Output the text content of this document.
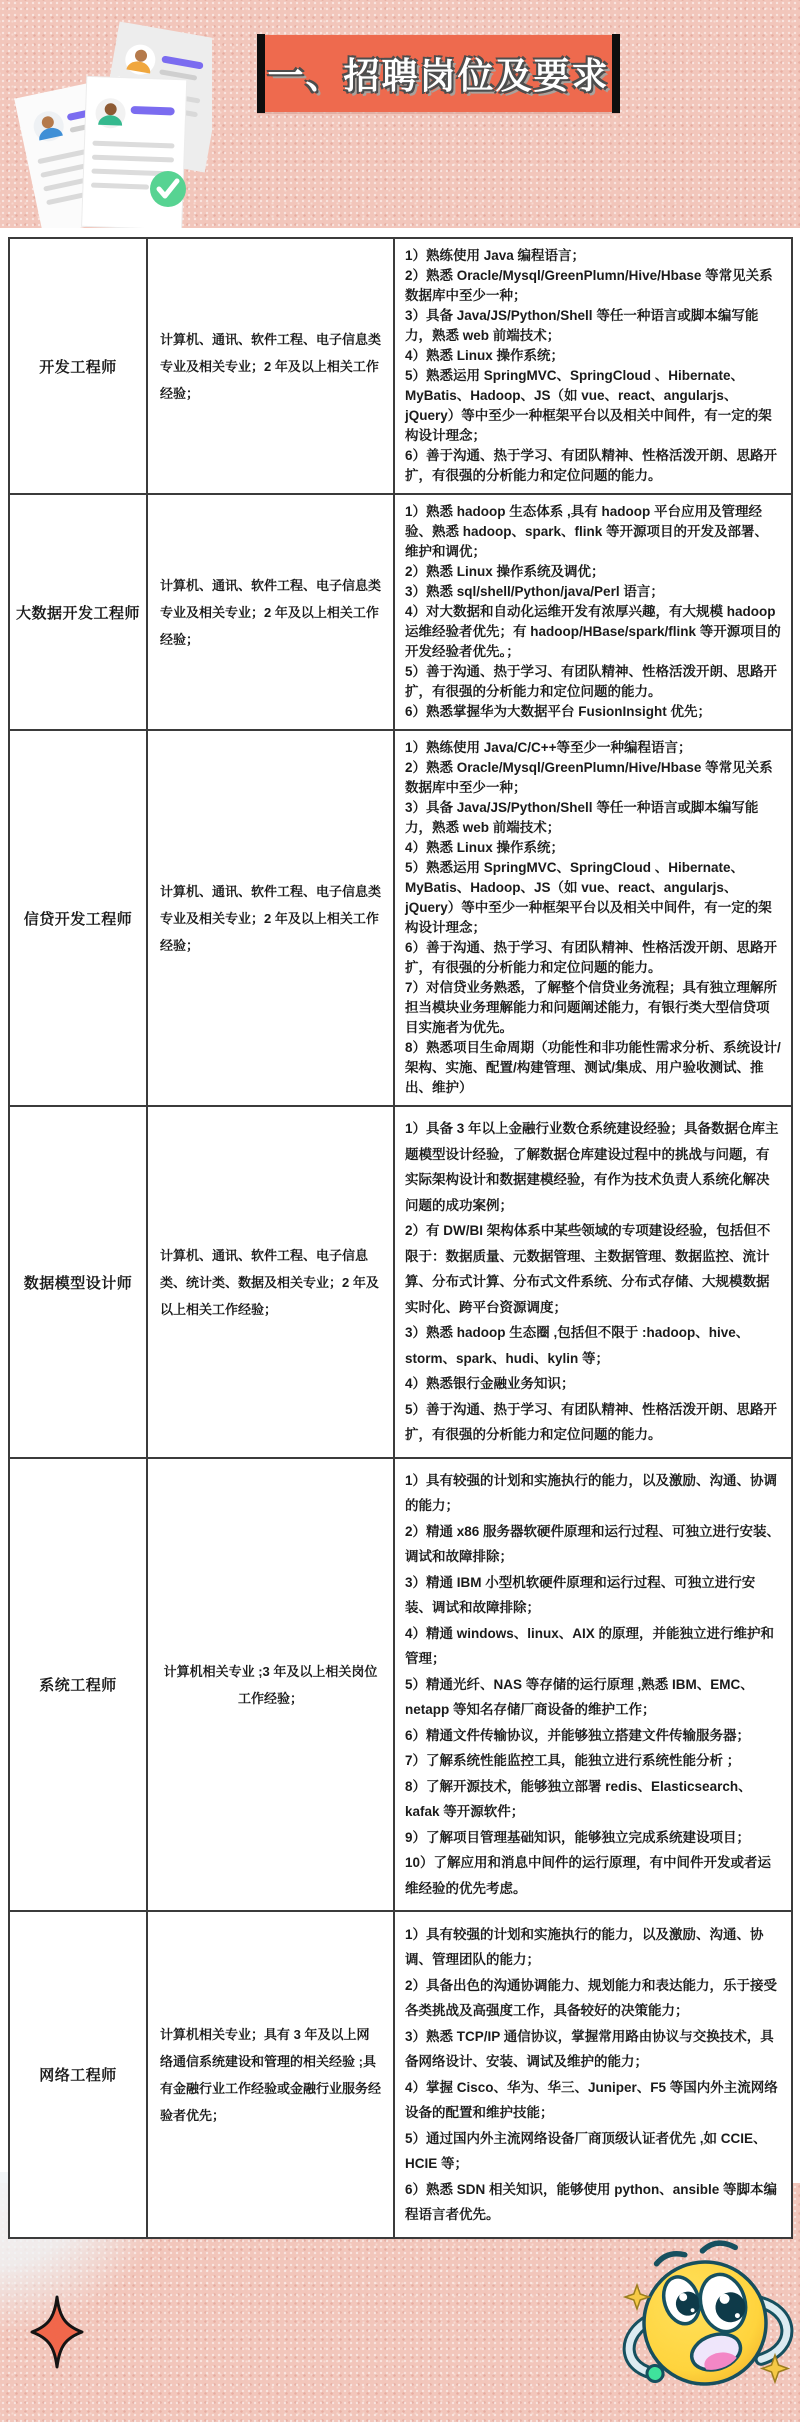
一、招聘岗位及要求
开发工程师	计算机、通讯、软件工程、电子信息类专业及相关专业；2 年及以上相关工作经验；	
1）熟练使用 Java 编程语言；
2）熟悉 Oracle/Mysql/GreenPlumn/Hive/Hbase 等常见关系数据库中至少一种；
3）具备 Java/JS/Python/Shell 等任一种语言或脚本编写能力，熟悉 web 前端技术；
4）熟悉 Linux 操作系统；
5）熟悉运用 SpringMVC、SpringCloud 、Hibernate、MyBatis、Hadoop、JS（如 vue、react、angularjs、jQuery）等中至少一种框架平台以及相关中间件，有一定的架构设计理念；
6）善于沟通、热于学习、有团队精神、性格活泼开朗、思路开扩，有很强的分析能力和定位问题的能力。

大数据开发工程师	计算机、通讯、软件工程、电子信息类专业及相关专业；2 年及以上相关工作经验；	
1）熟悉 hadoop 生态体系 ,具有 hadoop 平台应用及管理经验、熟悉 hadoop、spark、flink 等开源项目的开发及部署、维护和调优；
2）熟悉 Linux 操作系统及调优；
3）熟悉 sql/shell/Python/java/Perl 语言；
4）对大数据和自动化运维开发有浓厚兴趣，有大规模 hadoop 运维经验者优先；有 hadoop/HBase/spark/flink 等开源项目的开发经验者优先。；
5）善于沟通、热于学习、有团队精神、性格活泼开朗、思路开扩，有很强的分析能力和定位问题的能力。
6）熟悉掌握华为大数据平台 FusionInsight 优先；

信贷开发工程师	计算机、通讯、软件工程、电子信息类专业及相关专业；2 年及以上相关工作经验；	
1）熟练使用 Java/C/C++等至少一种编程语言；
2）熟悉 Oracle/Mysql/GreenPlumn/Hive/Hbase 等常见关系数据库中至少一种；
3）具备 Java/JS/Python/Shell 等任一种语言或脚本编写能力，熟悉 web 前端技术；
4）熟悉 Linux 操作系统；
5）熟悉运用 SpringMVC、SpringCloud 、Hibernate、MyBatis、Hadoop、JS（如 vue、react、angularjs、jQuery）等中至少一种框架平台以及相关中间件，有一定的架构设计理念；
6）善于沟通、热于学习、有团队精神、性格活泼开朗、思路开扩，有很强的分析能力和定位问题的能力。
7）对信贷业务熟悉，了解整个信贷业务流程；具有独立理解所担当模块业务理解能力和问题阐述能力，有银行类大型信贷项目实施者为优先。
8）熟悉项目生命周期（功能性和非功能性需求分析、系统设计/架构、实施、配置/构建管理、测试/集成、用户验收测试、推出、维护）

数据模型设计师	计算机、通讯、软件工程、电子信息类、统计类、数据及相关专业；2 年及以上相关工作经验；	1）具备 3 年以上金融行业数仓系统建设经验；具备数据仓库主题模型设计经验，了解数据仓库建设过程中的挑战与问题，有实际架构设计和数据建模经验，有作为技术负责人系统化解决问题的成功案例；
2）有 DW/BI 架构体系中某些领域的专项建设经验，包括但不限于：数据质量、元数据管理、主数据管理、数据监控、流计算、分布式计算、分布式文件系统、分布式存储、大规模数据实时化、跨平台资源调度；
3）熟悉 hadoop 生态圈 ,包括但不限于 :hadoop、hive、storm、spark、hudi、kylin 等；
4）熟悉银行金融业务知识；
5）善于沟通、热于学习、有团队精神、性格活泼开朗、思路开扩，有很强的分析能力和定位问题的能力。

系统工程师	计算机相关专业 ;3 年及以上相关岗位工作经验；	
1）具有较强的计划和实施执行的能力，以及激励、沟通、协调的能力；
2）精通 x86 服务器软硬件原理和运行过程、可独立进行安装、调试和故障排除；
3）精通 IBM 小型机软硬件原理和运行过程、可独立进行安装、调试和故障排除；
4）精通 windows、linux、AIX 的原理，并能独立进行维护和管理；
5）精通光纤、NAS 等存储的运行原理 ,熟悉 IBM、EMC、netapp 等知名存储厂商设备的维护工作；
6）精通文件传输协议，并能够独立搭建文件传输服务器；
7）了解系统性能监控工具，能独立进行系统性能分析 ；
8）了解开源技术，能够独立部署 redis、Elasticsearch、kafak 等开源软件；
9）了解项目管理基础知识，能够独立完成系统建设项目；
10）了解应用和消息中间件的运行原理，有中间件开发或者运维经验的优先考虑。

网络工程师	计算机相关专业；具有 3 年及以上网络通信系统建设和管理的相关经验 ;具有金融行业工作经验或金融行业服务经验者优先；	
1）具有较强的计划和实施执行的能力，以及激励、沟通、协调、管理团队的能力；
2）具备出色的沟通协调能力、规划能力和表达能力，乐于接受各类挑战及高强度工作，具备较好的决策能力；
3）熟悉 TCP/IP 通信协议，掌握常用路由协议与交换技术，具备网络设计、安装、调试及维护的能力；
4）掌握 Cisco、华为、华三、Juniper、F5 等国内外主流网络设备的配置和维护技能；
5）通过国内外主流网络设备厂商顶级认证者优先 ,如 CCIE、HCIE 等；
6）熟悉 SDN 相关知识，能够使用 python、ansible 等脚本编程语言者优先。
